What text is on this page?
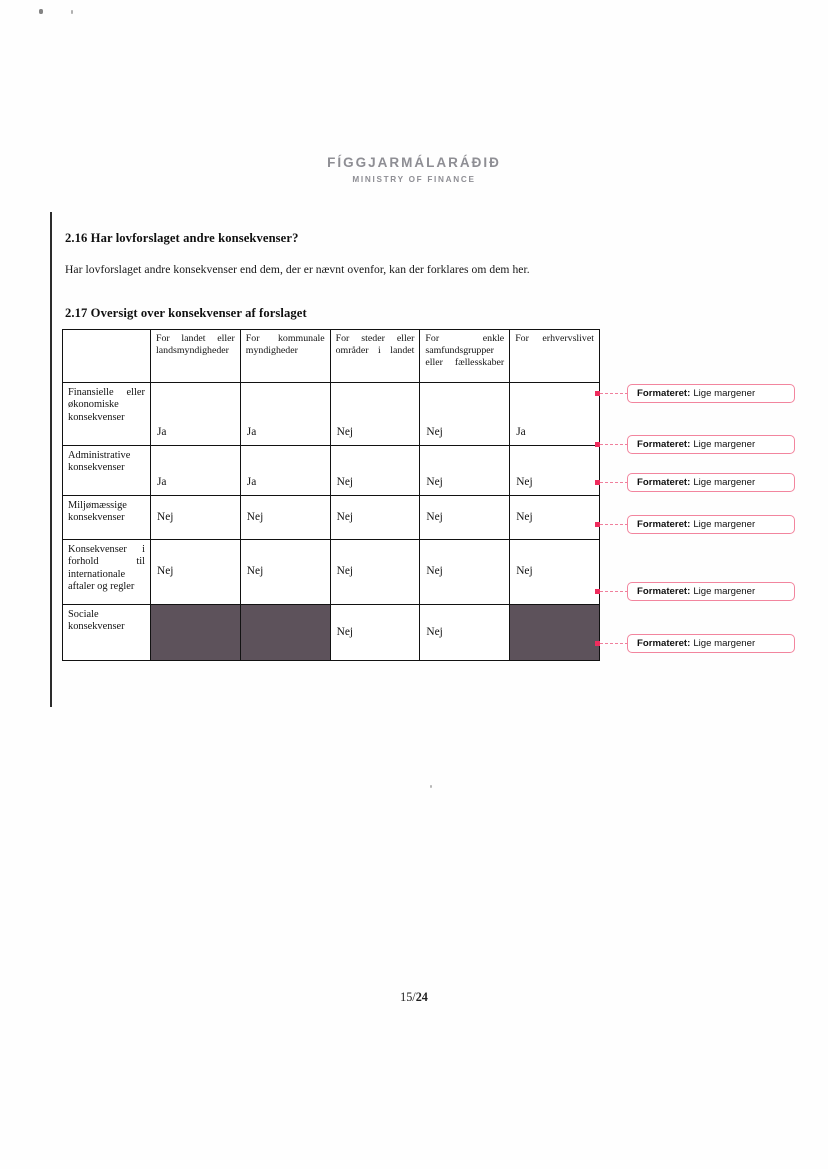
FÍGGJARMÁLARÁÐIÐ
MINISTRY OF FINANCE
2.16 Har lovforslaget andre konsekvenser?
Har lovforslaget andre konsekvenser end dem, der er nævnt ovenfor, kan der forklares om dem her.
2.17 Oversigt over konsekvenser af forslaget
	For landet eller landsmyndigheder	For kommunale myndigheder	For steder eller områder i landet	For enkle samfundsgrupper eller fællesskaber	For erhvervslivet
Finansielle eller økonomiske konsekvenser	Ja	Ja	Nej	Nej	Ja
Administrative konsekvenser	Ja	Ja	Nej	Nej	Nej
Miljømæssige konsekvenser	Nej	Nej	Nej	Nej	Nej
Konsekvenser i forhold til internationale aftaler og regler	Nej	Nej	Nej	Nej	Nej
Sociale konsekvenser			Nej	Nej	
Formateret: Lige margener
Formateret: Lige margener
Formateret: Lige margener
Formateret: Lige margener
Formateret: Lige margener
Formateret: Lige margener
15/24
